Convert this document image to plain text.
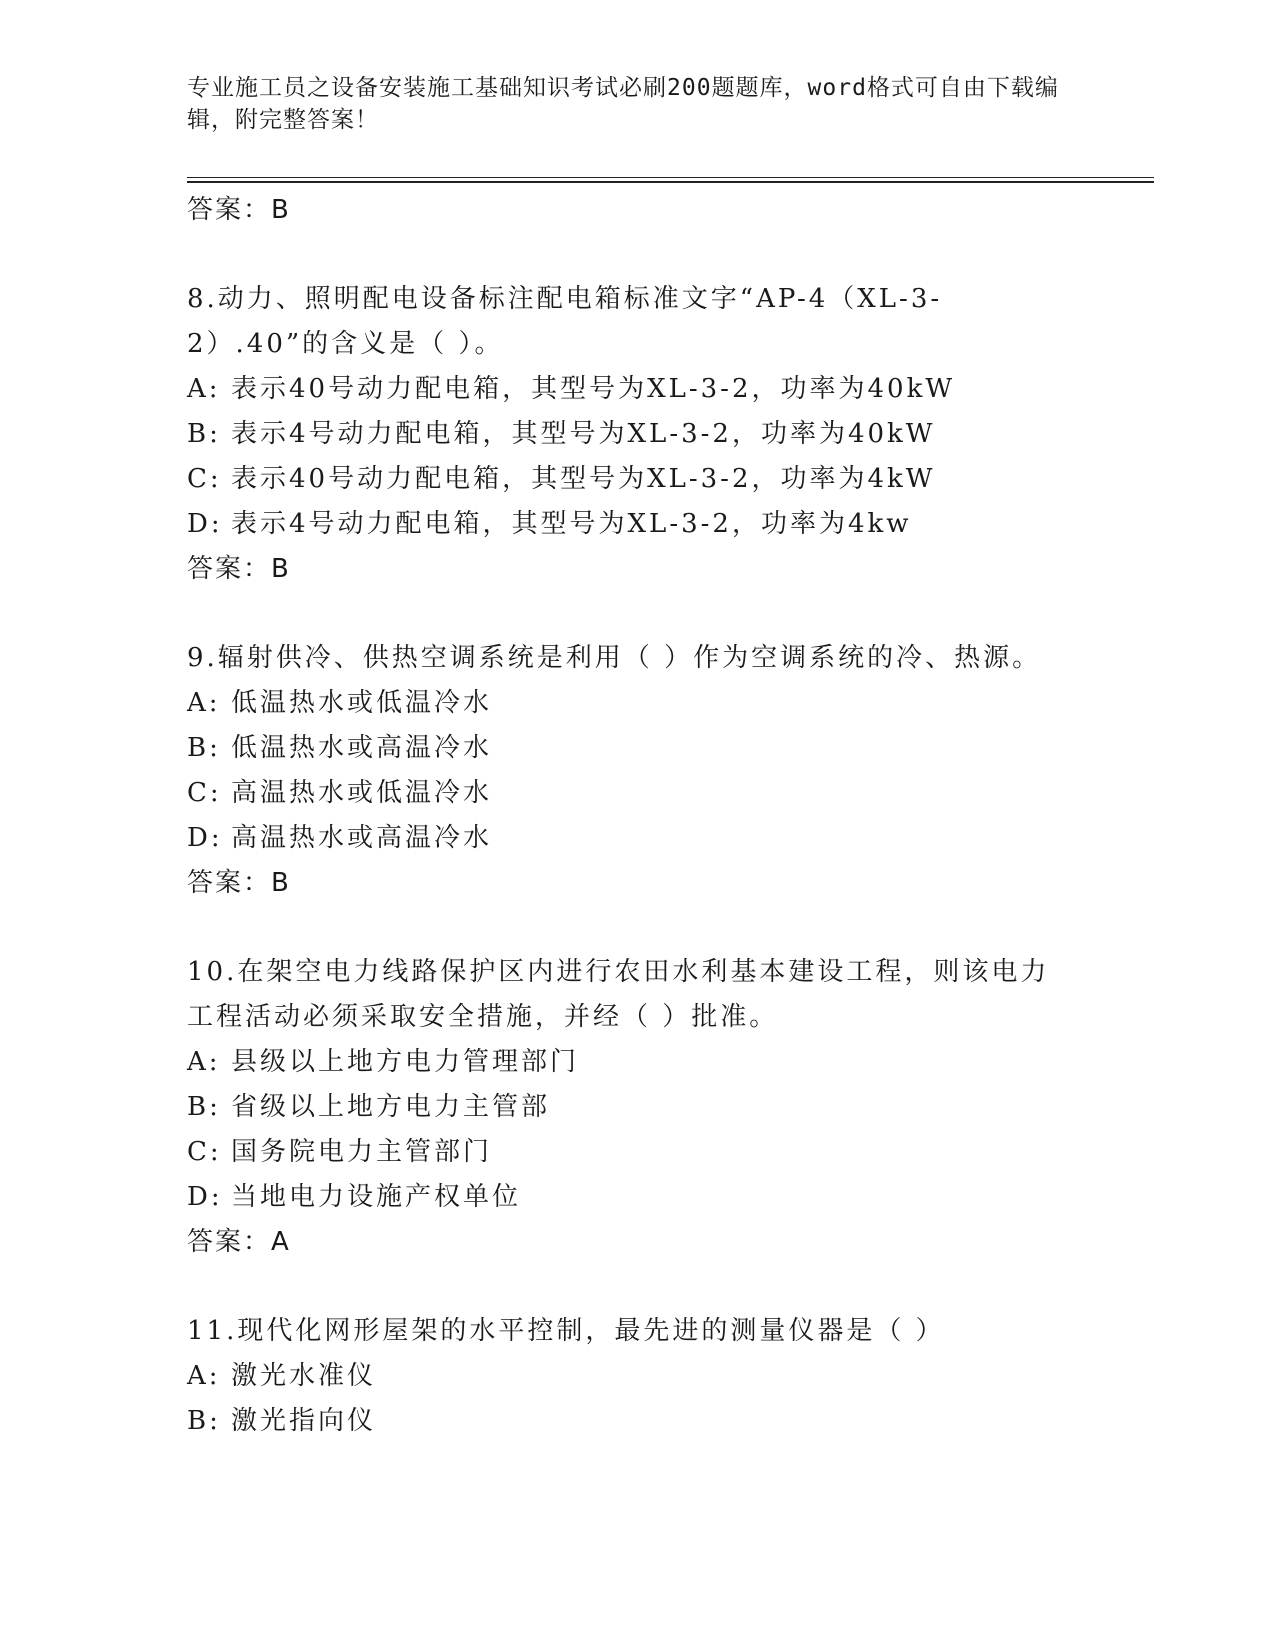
专业施工员之设备安装施工基础知识考试必刷200题题库，word格式可自由下载编辑，附完整答案！
答案：B
8.动力、照明配电设备标注配电箱标准文字“AP-4（XL-3-2）.40”的含义是（ ）。
A: 表示40号动力配电箱，其型号为XL-3-2，功率为40kW
B: 表示4号动力配电箱，其型号为XL-3-2，功率为40kW
C: 表示40号动力配电箱，其型号为XL-3-2，功率为4kW
D: 表示4号动力配电箱，其型号为XL-3-2，功率为4kw
答案：B
9.辐射供冷、供热空调系统是利用（ ）作为空调系统的冷、热源。
A: 低温热水或低温冷水
B: 低温热水或高温冷水
C: 高温热水或低温冷水
D: 高温热水或高温冷水
答案：B
10.在架空电力线路保护区内进行农田水利基本建设工程，则该电力工程活动必须采取安全措施，并经（ ）批准。
A: 县级以上地方电力管理部门
B: 省级以上地方电力主管部
C: 国务院电力主管部门
D: 当地电力设施产权单位
答案：A
11.现代化网形屋架的水平控制，最先进的测量仪器是（ ）
A: 激光水准仪
B: 激光指向仪
